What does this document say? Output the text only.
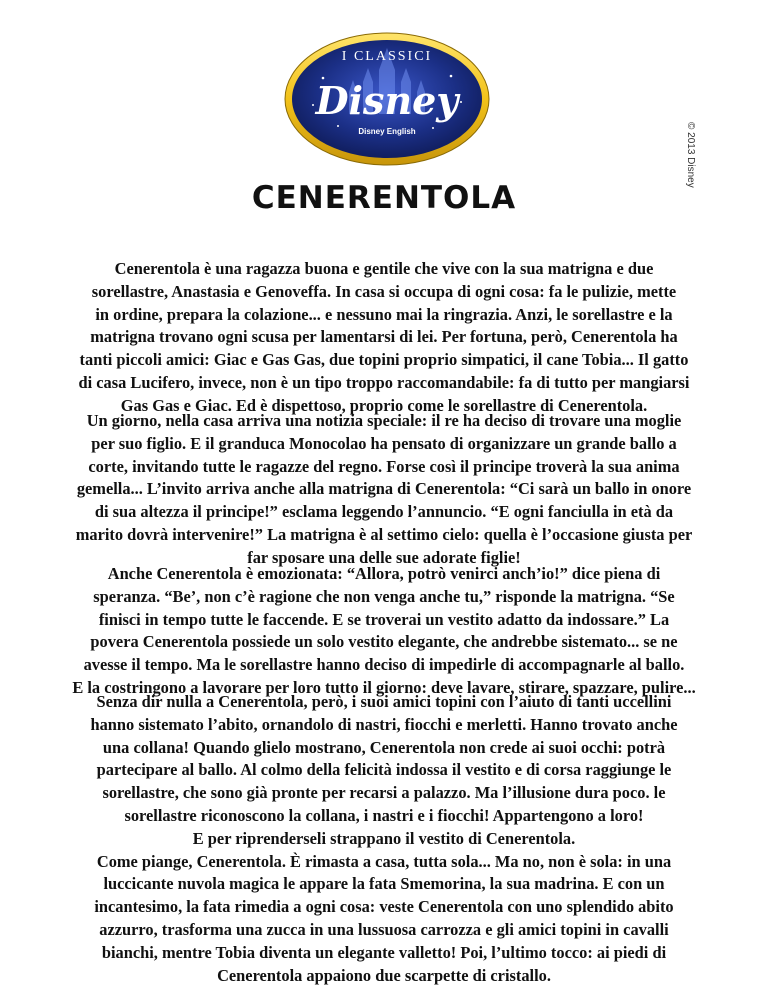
© 2013 Disney
I CLASSICI
Disney
Disney English
CENERENTOLA

Cenerentola è una ragazza buona e gentile che vive con la sua matrigna e due
sorellastre, Anastasia e Genoveffa. In casa si occupa di ogni cosa: fa le pulizie, mette
in ordine, prepara la colazione... e nessuno mai la ringrazia. Anzi, le sorellastre e la
matrigna trovano ogni scusa per lamentarsi di lei. Per fortuna, però, Cenerentola ha
tanti piccoli amici: Giac e Gas Gas, due topini proprio simpatici, il cane Tobia... Il gatto
di casa Lucifero, invece, non è un tipo troppo raccomandabile: fa di tutto per mangiarsi
Gas Gas e Giac. Ed è dispettoso, proprio come le sorellastre di Cenerentola.

Un giorno, nella casa arriva una notizia speciale: il re ha deciso di trovare una moglie
per suo figlio. E il granduca Monocolao ha pensato di organizzare un grande ballo a
corte, invitando tutte le ragazze del regno. Forse così il principe troverà la sua anima
gemella... L’invito arriva anche alla matrigna di Cenerentola: “Ci sarà un ballo in onore
di sua altezza il principe!” esclama leggendo l’annuncio. “E ogni fanciulla in età da
marito dovrà intervenire!” La matrigna è al settimo cielo: quella è l’occasione giusta per
far sposare una delle sue adorate figlie!

Anche Cenerentola è emozionata: “Allora, potrò venirci anch’io!” dice piena di
speranza. “Be’, non c’è ragione che non venga anche tu,” risponde la matrigna. “Se
finisci in tempo tutte le faccende. E se troverai un vestito adatto da indossare.” La
povera Cenerentola possiede un solo vestito elegante, che andrebbe sistemato... se ne
avesse il tempo. Ma le sorellastre hanno deciso di impedirle di accompagnarle al ballo.
E la costringono a lavorare per loro tutto il giorno: deve lavare, stirare, spazzare, pulire...

Senza dir nulla a Cenerentola, però, i suoi amici topini con l’aiuto di tanti uccellini
hanno sistemato l’abito, ornandolo di nastri, fiocchi e merletti. Hanno trovato anche
una collana! Quando glielo mostrano, Cenerentola non crede ai suoi occhi: potrà
partecipare al ballo. Al colmo della felicità indossa il vestito e di corsa raggiunge le
sorellastre, che sono già pronte per recarsi a palazzo. Ma l’illusione dura poco. le
sorellastre riconoscono la collana, i nastri e i fiocchi! Appartengono a loro!
E per riprenderseli strappano il vestito di Cenerentola.
Come piange, Cenerentola. È rimasta a casa, tutta sola... Ma no, non è sola: in una
luccicante nuvola magica le appare la fata Smemorina, la sua madrina. E con un
incantesimo, la fata rimedia a ogni cosa: veste Cenerentola con uno splendido abito
azzurro, trasforma una zucca in una lussuosa carrozza e gli amici topini in cavalli
bianchi, mentre Tobia diventa un elegante valletto! Poi, l’ultimo tocco: ai piedi di
Cenerentola appaiono due scarpette di cristallo.
